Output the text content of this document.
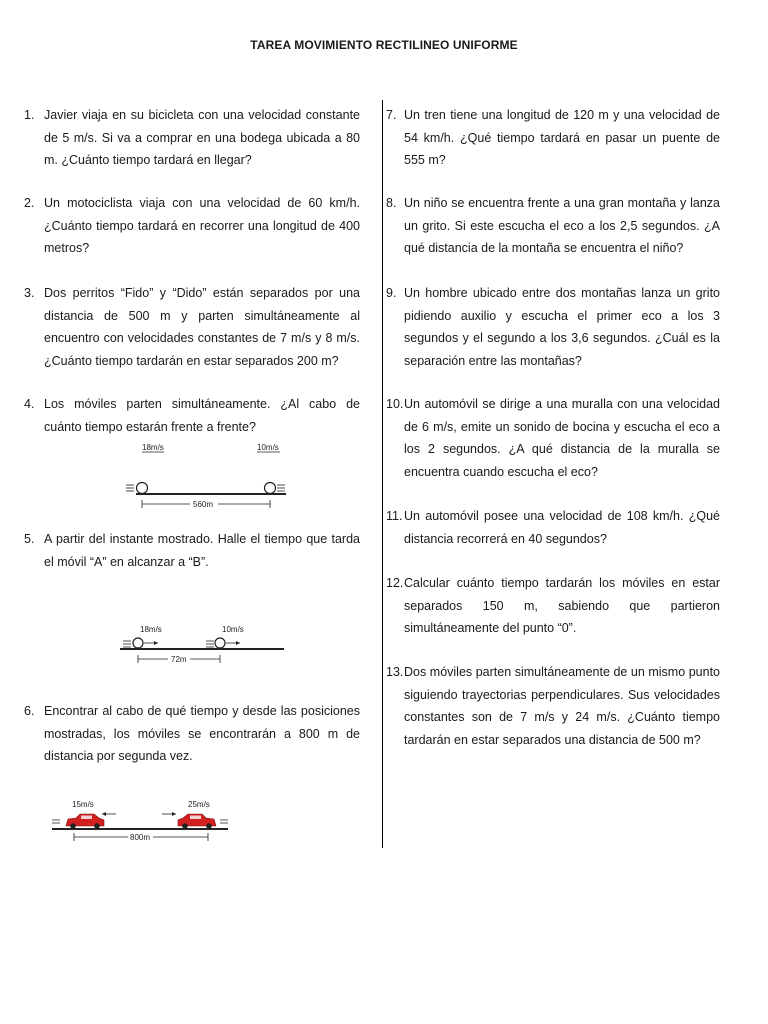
TAREA MOVIMIENTO RECTILINEO UNIFORME
1. Javier viaja en su bicicleta con una velocidad constante de 5 m/s. Si va a comprar en una bodega ubicada a 80 m. ¿Cuánto tiempo tardará en llegar?
2. Un motociclista viaja con una velocidad de 60 km/h. ¿Cuánto tiempo tardará en recorrer una longitud de 400 metros?
3. Dos perritos “Fido” y “Dido” están separados por una distancia de 500 m y parten simultáneamente al encuentro con velocidades constantes de 7 m/s y 8 m/s. ¿Cuánto tiempo tardarán en estar separados 200 m?
4. Los móviles parten simultáneamente. ¿Al cabo de cuánto tiempo estarán frente a frente?
18m/s	10m/s
560m
5. A partir del instante mostrado. Halle el tiempo que tarda el móvil “A” en alcanzar a “B”.
18m/s	10m/s
72m
6. Encontrar al cabo de qué tiempo y desde las posiciones mostradas, los móviles se encontrarán a 800 m de distancia por segunda vez.
15m/s	25m/s
800m
7. Un tren tiene una longitud de 120 m y una velocidad de 54 km/h. ¿Qué tiempo tardará en pasar un puente de 555 m?
8. Un niño se encuentra frente a una gran montaña y lanza un grito. Si este escucha el eco a los 2,5 segundos. ¿A qué distancia de la montaña se encuentra el niño?
9. Un hombre ubicado entre dos montañas lanza un grito pidiendo auxilio y escucha el primer eco a los 3 segundos y el segundo a los 3,6 segundos. ¿Cuál es la separación entre las montañas?
10. Un automóvil se dirige a una muralla con una velocidad de 6 m/s, emite un sonido de bocina y escucha el eco a los 2 segundos. ¿A qué distancia de la muralla se encuentra cuando escucha el eco?
11. Un automóvil posee una velocidad de 108 km/h. ¿Qué distancia recorrerá en 40 segundos?
12. Calcular cuánto tiempo tardarán los móviles en estar separados 150 m, sabiendo que partieron simultáneamente del punto “0”.
13. Dos móviles parten simultáneamente de un mismo punto siguiendo trayectorias perpendiculares. Sus velocidades constantes son de 7 m/s y 24 m/s. ¿Cuánto tiempo tardarán en estar separados una distancia de 500 m?
